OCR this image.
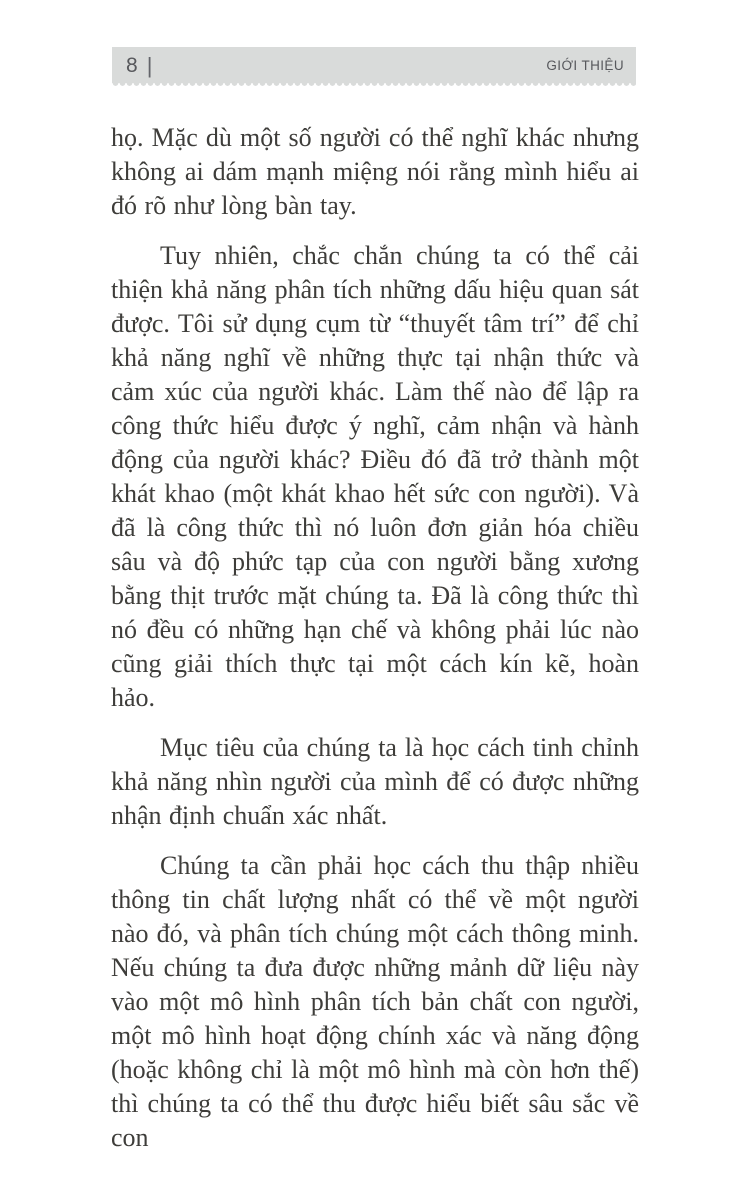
8 |	GIỚI THIỆU

họ. Mặc dù một số người có thể nghĩ khác nhưng không ai dám mạnh miệng nói rằng mình hiểu ai đó rõ như lòng bàn tay.

Tuy nhiên, chắc chắn chúng ta có thể cải thiện khả năng phân tích những dấu hiệu quan sát được. Tôi sử dụng cụm từ “thuyết tâm trí” để chỉ khả năng nghĩ về những thực tại nhận thức và cảm xúc của người khác. Làm thế nào để lập ra công thức hiểu được ý nghĩ, cảm nhận và hành động của người khác? Điều đó đã trở thành một khát khao (một khát khao hết sức con người). Và đã là công thức thì nó luôn đơn giản hóa chiều sâu và độ phức tạp của con người bằng xương bằng thịt trước mặt chúng ta. Đã là công thức thì nó đều có những hạn chế và không phải lúc nào cũng giải thích thực tại một cách kín kẽ, hoàn hảo.

Mục tiêu của chúng ta là học cách tinh chỉnh khả năng nhìn người của mình để có được những nhận định chuẩn xác nhất.

Chúng ta cần phải học cách thu thập nhiều thông tin chất lượng nhất có thể về một người nào đó, và phân tích chúng một cách thông minh. Nếu chúng ta đưa được những mảnh dữ liệu này vào một mô hình phân tích bản chất con người, một mô hình hoạt động chính xác và năng động (hoặc không chỉ là một mô hình mà còn hơn thế) thì chúng ta có thể thu được hiểu biết sâu sắc về con
